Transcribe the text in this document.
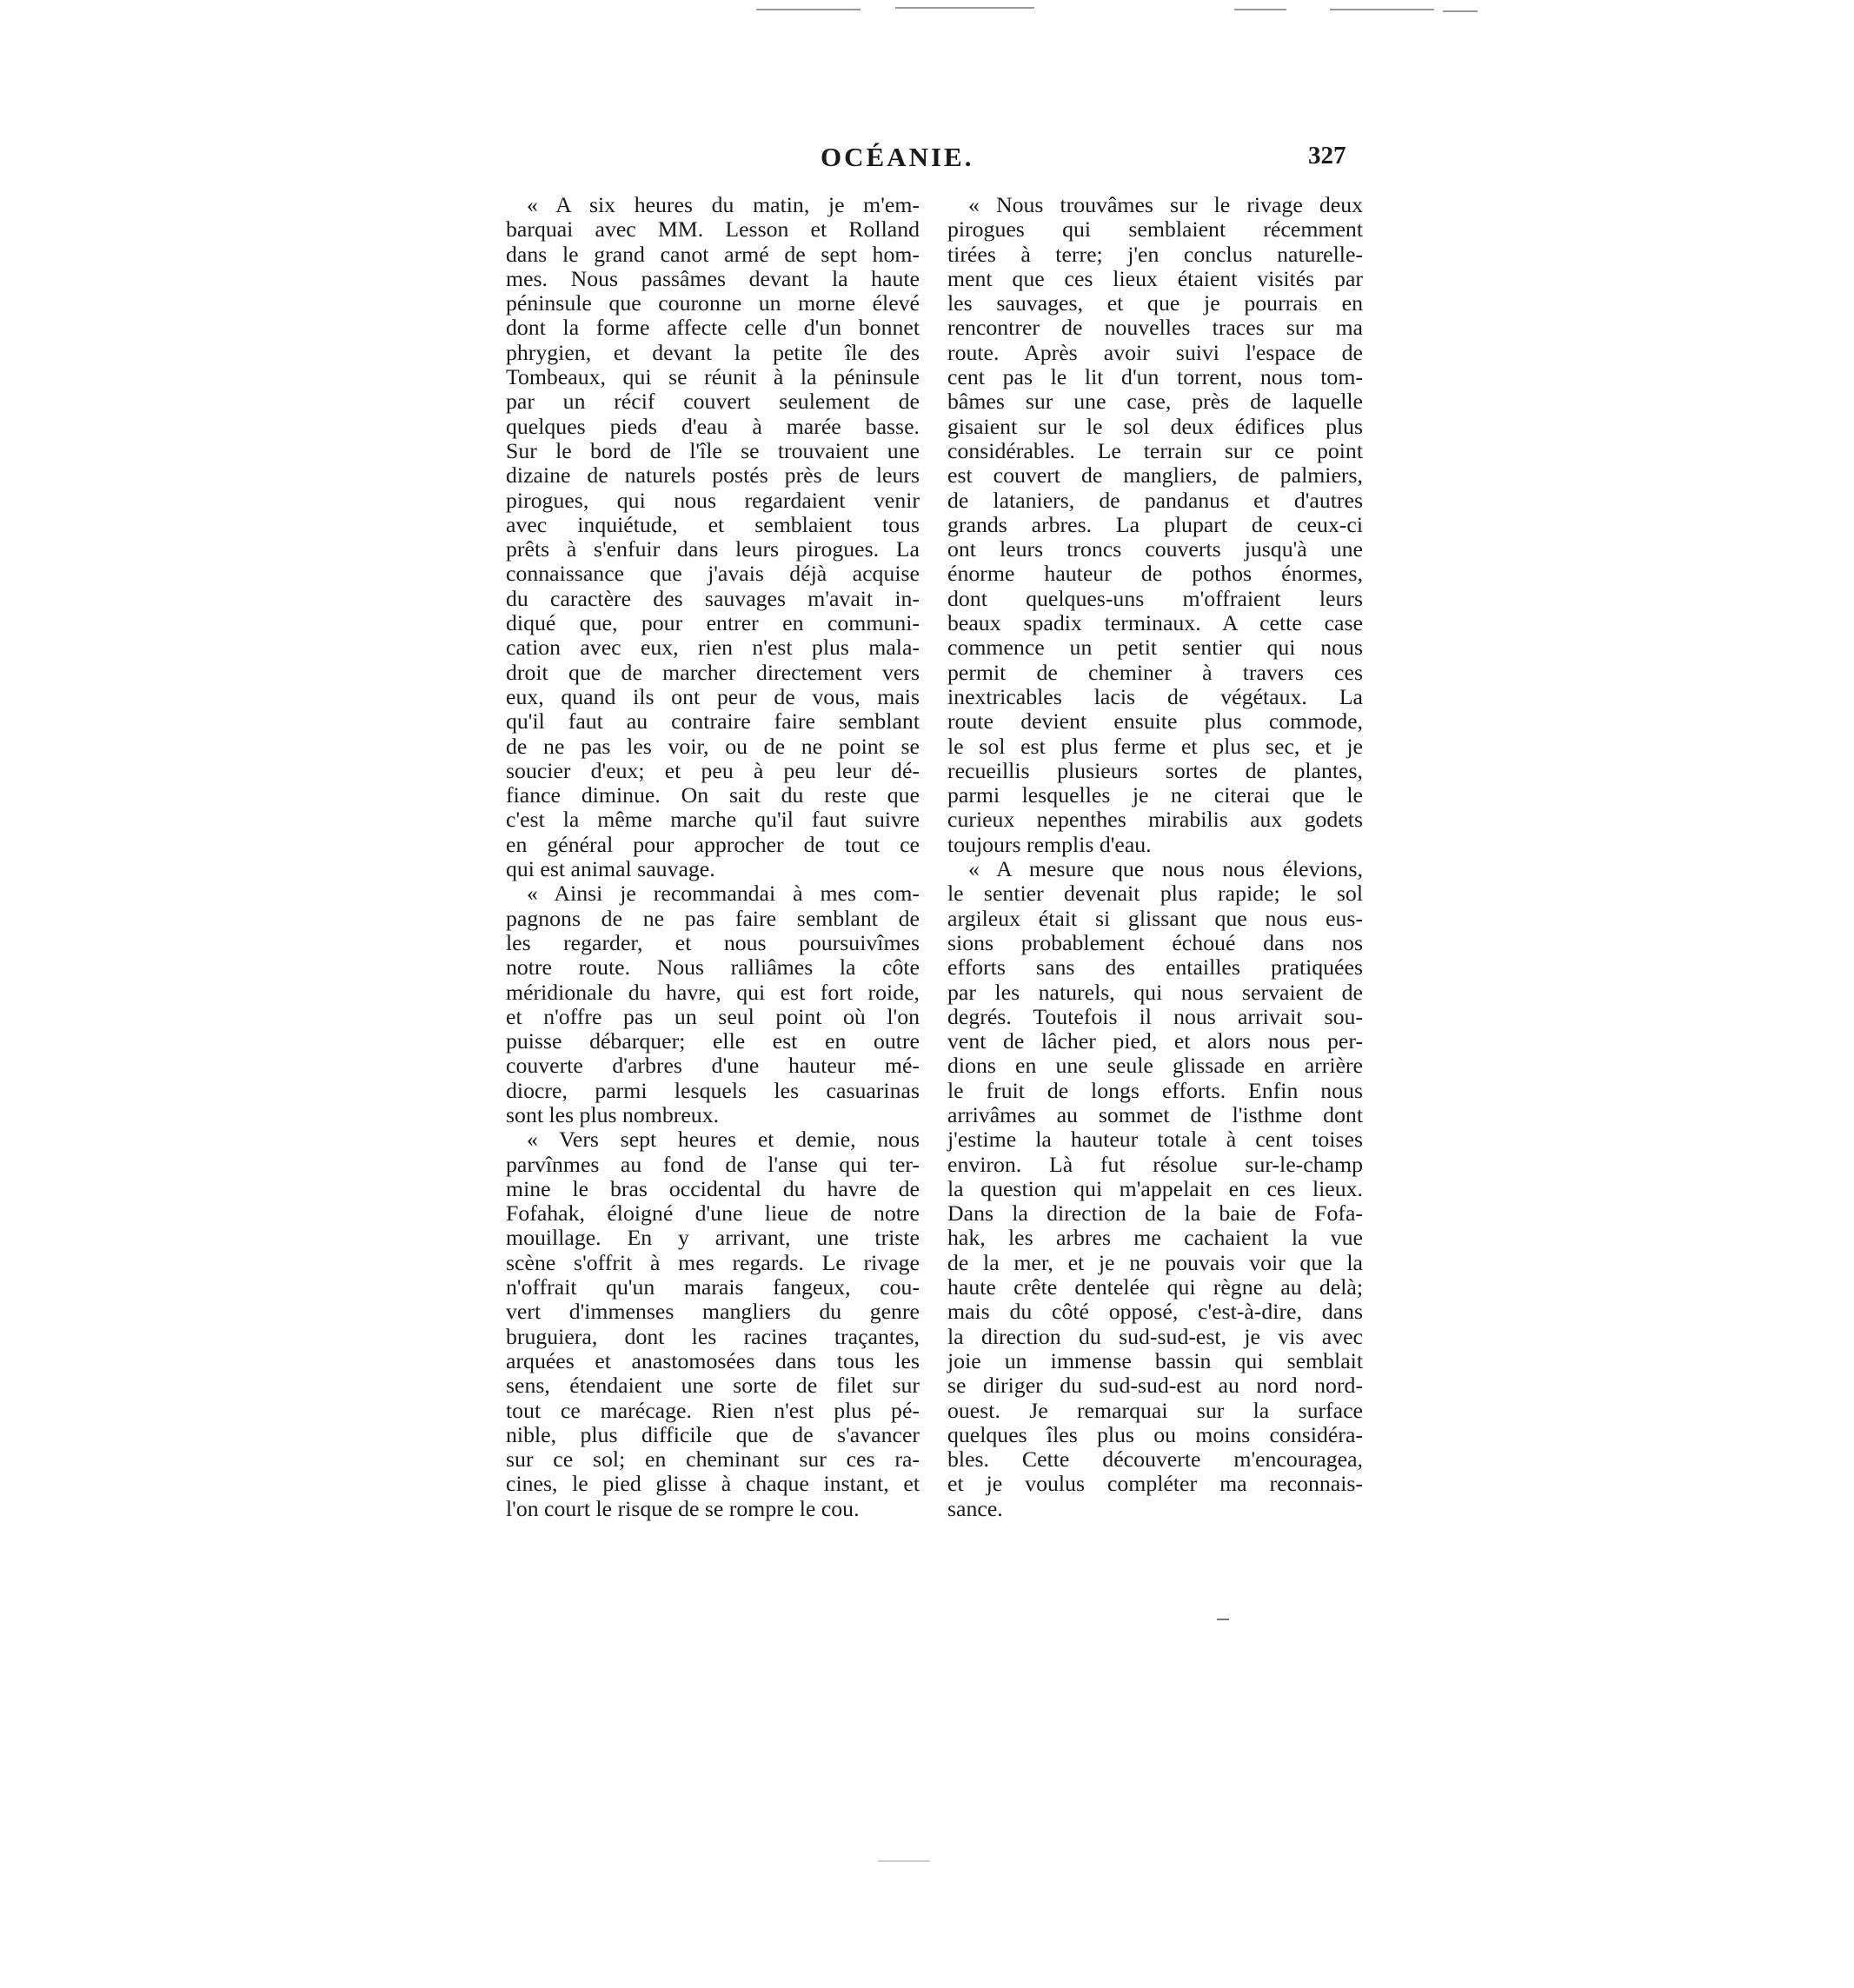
OCÉANIE.	327
« A six heures du matin, je m'em-
barquai avec MM. Lesson et Rolland
dans le grand canot armé de sept hom-
mes. Nous passâmes devant la haute
péninsule que couronne un morne élevé
dont la forme affecte celle d'un bonnet
phrygien, et devant la petite île des
Tombeaux, qui se réunit à la péninsule
par un récif couvert seulement de
quelques pieds d'eau à marée basse.
Sur le bord de l'île se trouvaient une
dizaine de naturels postés près de leurs
pirogues, qui nous regardaient venir
avec inquiétude, et semblaient tous
prêts à s'enfuir dans leurs pirogues. La
connaissance que j'avais déjà acquise
du caractère des sauvages m'avait in-
diqué que, pour entrer en communi-
cation avec eux, rien n'est plus mala-
droit que de marcher directement vers
eux, quand ils ont peur de vous, mais
qu'il faut au contraire faire semblant
de ne pas les voir, ou de ne point se
soucier d'eux; et peu à peu leur dé-
fiance diminue. On sait du reste que
c'est la même marche qu'il faut suivre
en général pour approcher de tout ce
qui est animal sauvage.
« Ainsi je recommandai à mes com-
pagnons de ne pas faire semblant de
les regarder, et nous poursuivîmes
notre route. Nous ralliâmes la côte
méridionale du havre, qui est fort roide,
et n'offre pas un seul point où l'on
puisse débarquer; elle est en outre
couverte d'arbres d'une hauteur mé-
diocre, parmi lesquels les casuarinas
sont les plus nombreux.
« Vers sept heures et demie, nous
parvînmes au fond de l'anse qui ter-
mine le bras occidental du havre de
Fofahak, éloigné d'une lieue de notre
mouillage. En y arrivant, une triste
scène s'offrit à mes regards. Le rivage
n'offrait qu'un marais fangeux, cou-
vert d'immenses mangliers du genre
bruguiera, dont les racines traçantes,
arquées et anastomosées dans tous les
sens, étendaient une sorte de filet sur
tout ce marécage. Rien n'est plus pé-
nible, plus difficile que de s'avancer
sur ce sol; en cheminant sur ces ra-
cines, le pied glisse à chaque instant, et
l'on court le risque de se rompre le cou.
« Nous trouvâmes sur le rivage deux
pirogues qui semblaient récemment
tirées à terre; j'en conclus naturelle-
ment que ces lieux étaient visités par
les sauvages, et que je pourrais en
rencontrer de nouvelles traces sur ma
route. Après avoir suivi l'espace de
cent pas le lit d'un torrent, nous tom-
bâmes sur une case, près de laquelle
gisaient sur le sol deux édifices plus
considérables. Le terrain sur ce point
est couvert de mangliers, de palmiers,
de lataniers, de pandanus et d'autres
grands arbres. La plupart de ceux-ci
ont leurs troncs couverts jusqu'à une
énorme hauteur de pothos énormes,
dont quelques-uns m'offraient leurs
beaux spadix terminaux. A cette case
commence un petit sentier qui nous
permit de cheminer à travers ces
inextricables lacis de végétaux. La
route devient ensuite plus commode,
le sol est plus ferme et plus sec, et je
recueillis plusieurs sortes de plantes,
parmi lesquelles je ne citerai que le
curieux nepenthes mirabilis aux godets
toujours remplis d'eau.
« A mesure que nous nous élevions,
le sentier devenait plus rapide; le sol
argileux était si glissant que nous eus-
sions probablement échoué dans nos
efforts sans des entailles pratiquées
par les naturels, qui nous servaient de
degrés. Toutefois il nous arrivait sou-
vent de lâcher pied, et alors nous per-
dions en une seule glissade en arrière
le fruit de longs efforts. Enfin nous
arrivâmes au sommet de l'isthme dont
j'estime la hauteur totale à cent toises
environ. Là fut résolue sur-le-champ
la question qui m'appelait en ces lieux.
Dans la direction de la baie de Fofa-
hak, les arbres me cachaient la vue
de la mer, et je ne pouvais voir que la
haute crête dentelée qui règne au delà;
mais du côté opposé, c'est-à-dire, dans
la direction du sud-sud-est, je vis avec
joie un immense bassin qui semblait
se diriger du sud-sud-est au nord nord-
ouest. Je remarquai sur la surface
quelques îles plus ou moins considéra-
bles. Cette découverte m'encouragea,
et je voulus compléter ma reconnais-
sance.
